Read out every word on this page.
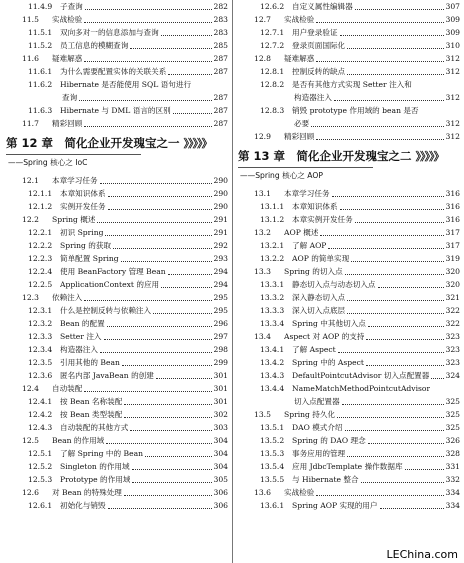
11.4.9	子查询	282
11.5	实战检验	283
11.5.1	双向多对一的信息添加与查询	283
11.5.2	员工信息的模糊查询	285
11.6	疑难解惑	287
11.6.1	为什么需要配置实体的关联关系	287
11.6.2	Hibernate 是否能使用 SQL 语句进行
查询	287
11.6.3	Hibernate 与 DML 语言的区别	287
11.7	精彩回顾	287
第 12 章　简化企业开发瑰宝之一 》》》》》
——Spring 核心之 IoC
12.1	本章学习任务	290
12.1.1	本章知识体系	290
12.1.2	实例开发任务	290
12.2	Spring 概述	291
12.2.1	初识 Spring	291
12.2.2	Spring 的获取	292
12.2.3	简单配置 Spring	293
12.2.4	使用 BeanFactory 管理 Bean	294
12.2.5	ApplicationContext 的应用	294
12.3	依赖注入	295
12.3.1	什么是控制反转与依赖注入	295
12.3.2	Bean 的配置	296
12.3.3	Setter 注入	297
12.3.4	构造器注入	298
12.3.5	引用其他的 Bean	299
12.3.6	匿名内部 JavaBean 的创建	301
12.4	自动装配	301
12.4.1	按 Bean 名称装配	301
12.4.2	按 Bean 类型装配	302
12.4.3	自动装配的其他方式	303
12.5	Bean 的作用域	304
12.5.1	了解 Spring 中的 Bean	304
12.5.2	Singleton 的作用域	304
12.5.3	Prototype 的作用域	305
12.6	对 Bean 的特殊处理	306
12.6.1	初始化与销毁	306
12.6.2	自定义属性编辑器	307
12.7	实战检验	309
12.7.1	用户登录验证	309
12.7.2	登录页面国际化	310
12.8	疑难解惑	312
12.8.1	控制反转的缺点	312
12.8.2	是否有其他方式实现 Setter 注入和
构造器注入	312
12.8.3	销毁 prototype 作用域的 bean 是否
必要	312
12.9	精彩回顾	312
第 13 章　简化企业开发瑰宝之二 》》》》》
——Spring 核心之 AOP
13.1	本章学习任务	316
13.1.1	本章知识体系	316
13.1.2	本章实例开发任务	316
13.2	AOP 概述	317
13.2.1	了解 AOP	317
13.2.2	AOP 的简单实现	319
13.3	Spring 的切入点	320
13.3.1	静态切入点与动态切入点	320
13.3.2	深入静态切入点	321
13.3.3	深入切入点底层	322
13.3.4	Spring 中其他切入点	322
13.4	Aspect 对 AOP 的支持	323
13.4.1	了解 Aspect	323
13.4.2	Spring 中的 Aspect	323
13.4.3	DefaultPointcutAdvisor 切入点配置器 324
13.4.4	NameMatchMethodPointcutAdvisor
切入点配置器	325
13.5	Spring 持久化	325
13.5.1	DAO 模式介绍	325
13.5.2	Spring 的 DAO 理念	326
13.5.3	事务应用的管理	328
13.5.4	应用 JdbcTemplate 操作数据库	331
13.5.5	与 Hibernate 整合	332
13.6	实战检验	334
13.6.1	Spring AOP 实现的用户	334
LEChina.com
